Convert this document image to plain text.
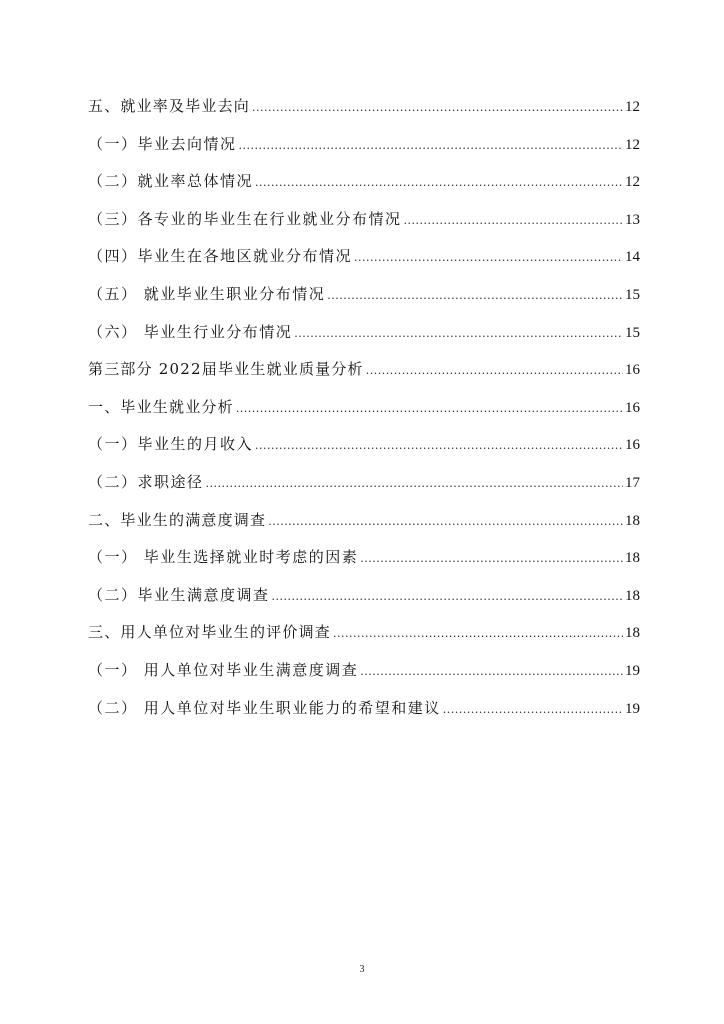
五、就业率及毕业去向 .....	12
（一）毕业去向情况 .....	12
（二）就业率总体情况 .....	12
（三）各专业的毕业生在行业就业分布情况 .....	13
（四）毕业生在各地区就业分布情况 .....	14
（五） 就业毕业生职业分布情况 .....	15
（六） 毕业生行业分布情况 .....	15
第三部分 2022届毕业生就业质量分析 .....	16
一、毕业生就业分析 .....	16
（一）毕业生的月收入 .....	16
（二）求职途径 .....	17
二、毕业生的满意度调查 .....	18
（一） 毕业生选择就业时考虑的因素 .....	18
（二）毕业生满意度调查 .....	18
三、用人单位对毕业生的评价调查 .....	18
（一） 用人单位对毕业生满意度调查 .....	19
（二） 用人单位对毕业生职业能力的希望和建议 .....	19
3
